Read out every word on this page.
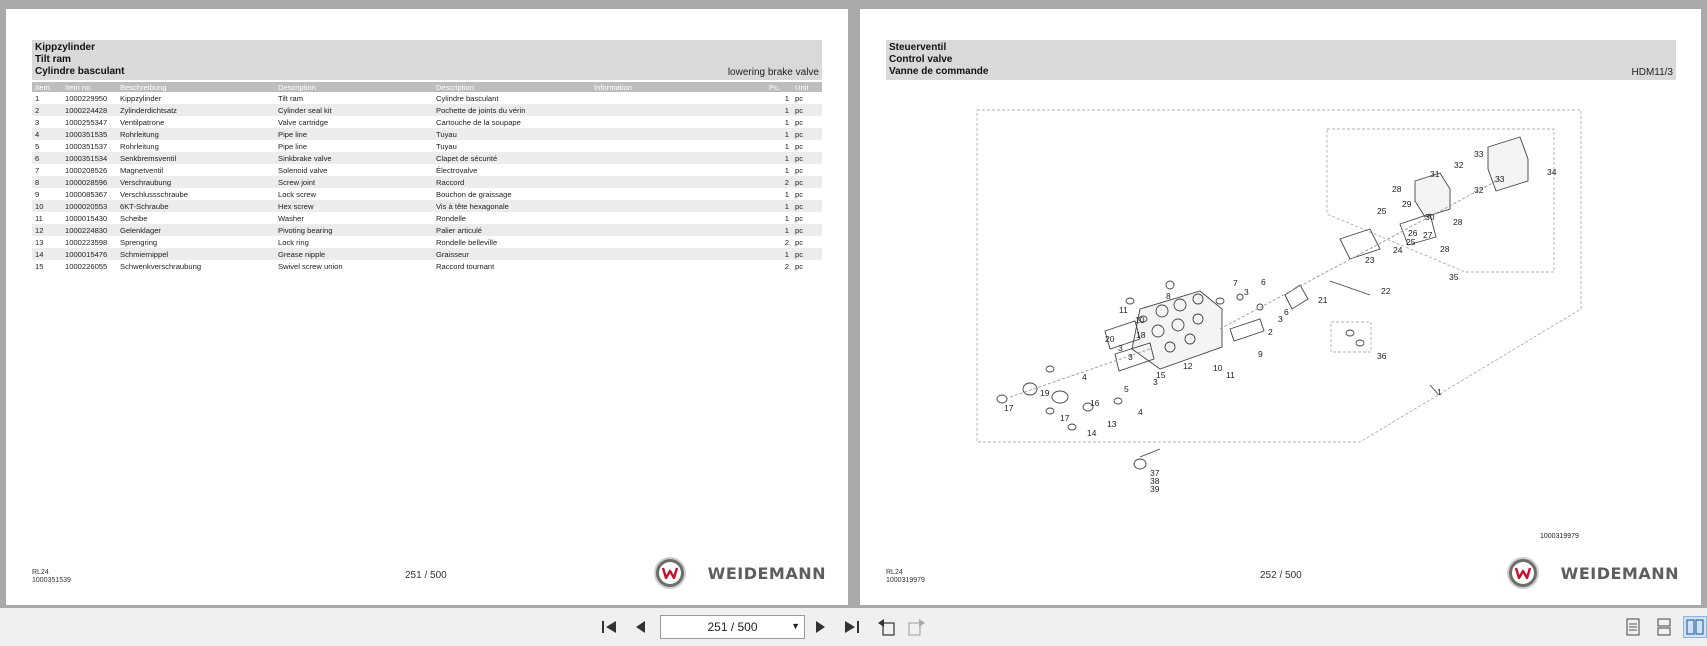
Kippzylinder
Tilt ram
Cylindre basculant	lowering brake valve
Item	Item no.	Beschreibung	Description	Description	Information	Pc.	Unit
1	1000229950	Kippzylinder	Tilt ram	Cylindre basculant		1	pc
2	1000224428	Zylinderdichtsatz	Cylinder seal kit	Pochette de joints du vérin		1	pc
3	1000255347	Ventilpatrone	Valve cartridge	Cartouche de la soupape		1	pc
4	1000351535	Rohrleitung	Pipe line	Tuyau		1	pc
5	1000351537	Rohrleitung	Pipe line	Tuyau		1	pc
6	1000351534	Senkbremsventil	Sinkbrake valve	Clapet de sécurité		1	pc
7	1000208526	Magnetventil	Solenoid valve	Électrovalve		1	pc
8	1000028596	Verschraubung	Screw joint	Raccord		2	pc
9	1000085367	Verschlussschraube	Lock screw	Bouchon de graissage		1	pc
10	1000020553	6KT-Schraube	Hex screw	Vis à tête hexagonale		1	pc
11	1000015430	Scheibe	Washer	Rondelle		1	pc
12	1000224830	Gelenklager	Pivoting bearing	Palier articulé		1	pc
13	1000223598	Sprengring	Lock ring	Rondelle belleville		2	pc
14	1000015476	Schmiernippel	Grease nipple	Graisseur		1	pc
15	1000226055	Schwenkverschraubung	Swivel screw union	Raccord tournant		2	pc
RL24
1000351539	251 / 500	WEIDEMANN
Steuerventil
Control valve
Vanne de commande	HDM11/3
1
2
3
3
3
3
3
4
4
5
6
6
7
8
9
10
10
11
11
12
13
14
15
16
17
17
18
19
20
21
22
23
24
25
25
26 27
28
28
28
29
30
31
32
32
33
33
34
35
36
37
38
39
1000319979
RL24
1000319979	252 / 500	WEIDEMANN
251 / 500	▼
